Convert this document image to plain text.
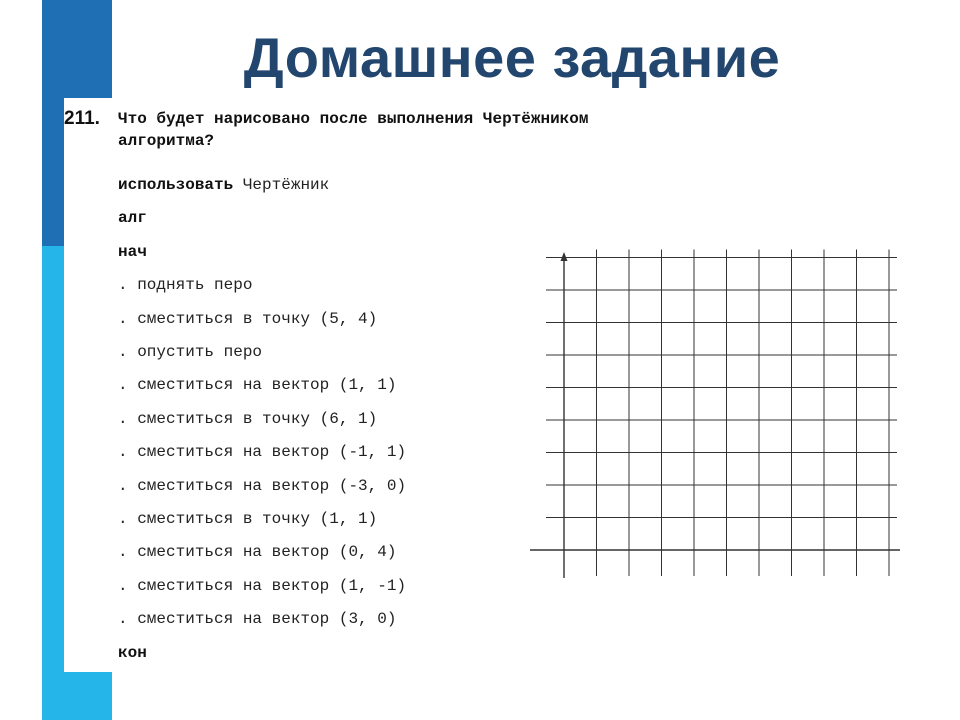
Домашнее задание
211.	Что будет нарисовано после выполнения Чертёжником
алгоритма?
использовать Чертёжник
алг
нач
. поднять перо
. сместиться в точку (5, 4)
. опустить перо
. сместиться на вектор (1, 1)
. сместиться в точку (6, 1)
. сместиться на вектор (-1, 1)
. сместиться на вектор (-3, 0)
. сместиться в точку (1, 1)
. сместиться на вектор (0, 4)
. сместиться на вектор (1, -1)
. сместиться на вектор (3, 0)
кон
